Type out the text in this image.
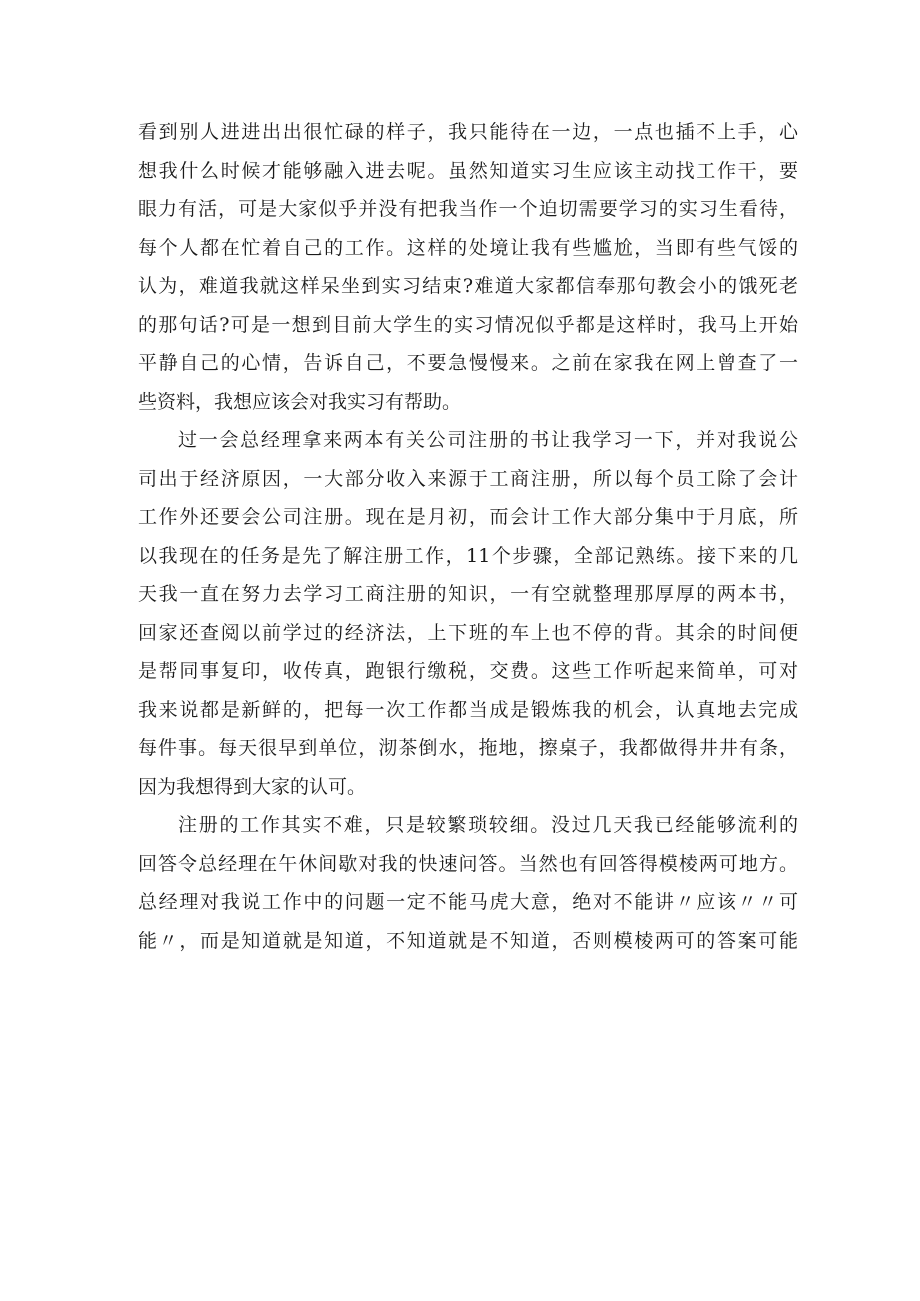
看到别人进进出出很忙碌的样子，我只能待在一边，一点也插不上手，心
想我什么时候才能够融入进去呢。虽然知道实习生应该主动找工作干，要
眼力有活，可是大家似乎并没有把我当作一个迫切需要学习的实习生看待，
每个人都在忙着自己的工作。这样的处境让我有些尴尬，当即有些气馁的
认为，难道我就这样呆坐到实习结束?难道大家都信奉那句教会小的饿死老
的那句话?可是一想到目前大学生的实习情况似乎都是这样时，我马上开始
平静自己的心情，告诉自己，不要急慢慢来。之前在家我在网上曾查了一
些资料，我想应该会对我实习有帮助。
过一会总经理拿来两本有关公司注册的书让我学习一下，并对我说公
司出于经济原因，一大部分收入来源于工商注册，所以每个员工除了会计
工作外还要会公司注册。现在是月初，而会计工作大部分集中于月底，所
以我现在的任务是先了解注册工作，11个步骤，全部记熟练。接下来的几
天我一直在努力去学习工商注册的知识，一有空就整理那厚厚的两本书，
回家还查阅以前学过的经济法，上下班的车上也不停的背。其余的时间便
是帮同事复印，收传真，跑银行缴税，交费。这些工作听起来简单，可对
我来说都是新鲜的，把每一次工作都当成是锻炼我的机会，认真地去完成
每件事。每天很早到单位，沏茶倒水，拖地，擦桌子，我都做得井井有条，
因为我想得到大家的认可。
注册的工作其实不难，只是较繁琐较细。没过几天我已经能够流利的
回答令总经理在午休间歇对我的快速问答。当然也有回答得模棱两可地方。
总经理对我说工作中的问题一定不能马虎大意，绝对不能讲〃应该〃〃可
能〃，而是知道就是知道，不知道就是不知道，否则模棱两可的答案可能
